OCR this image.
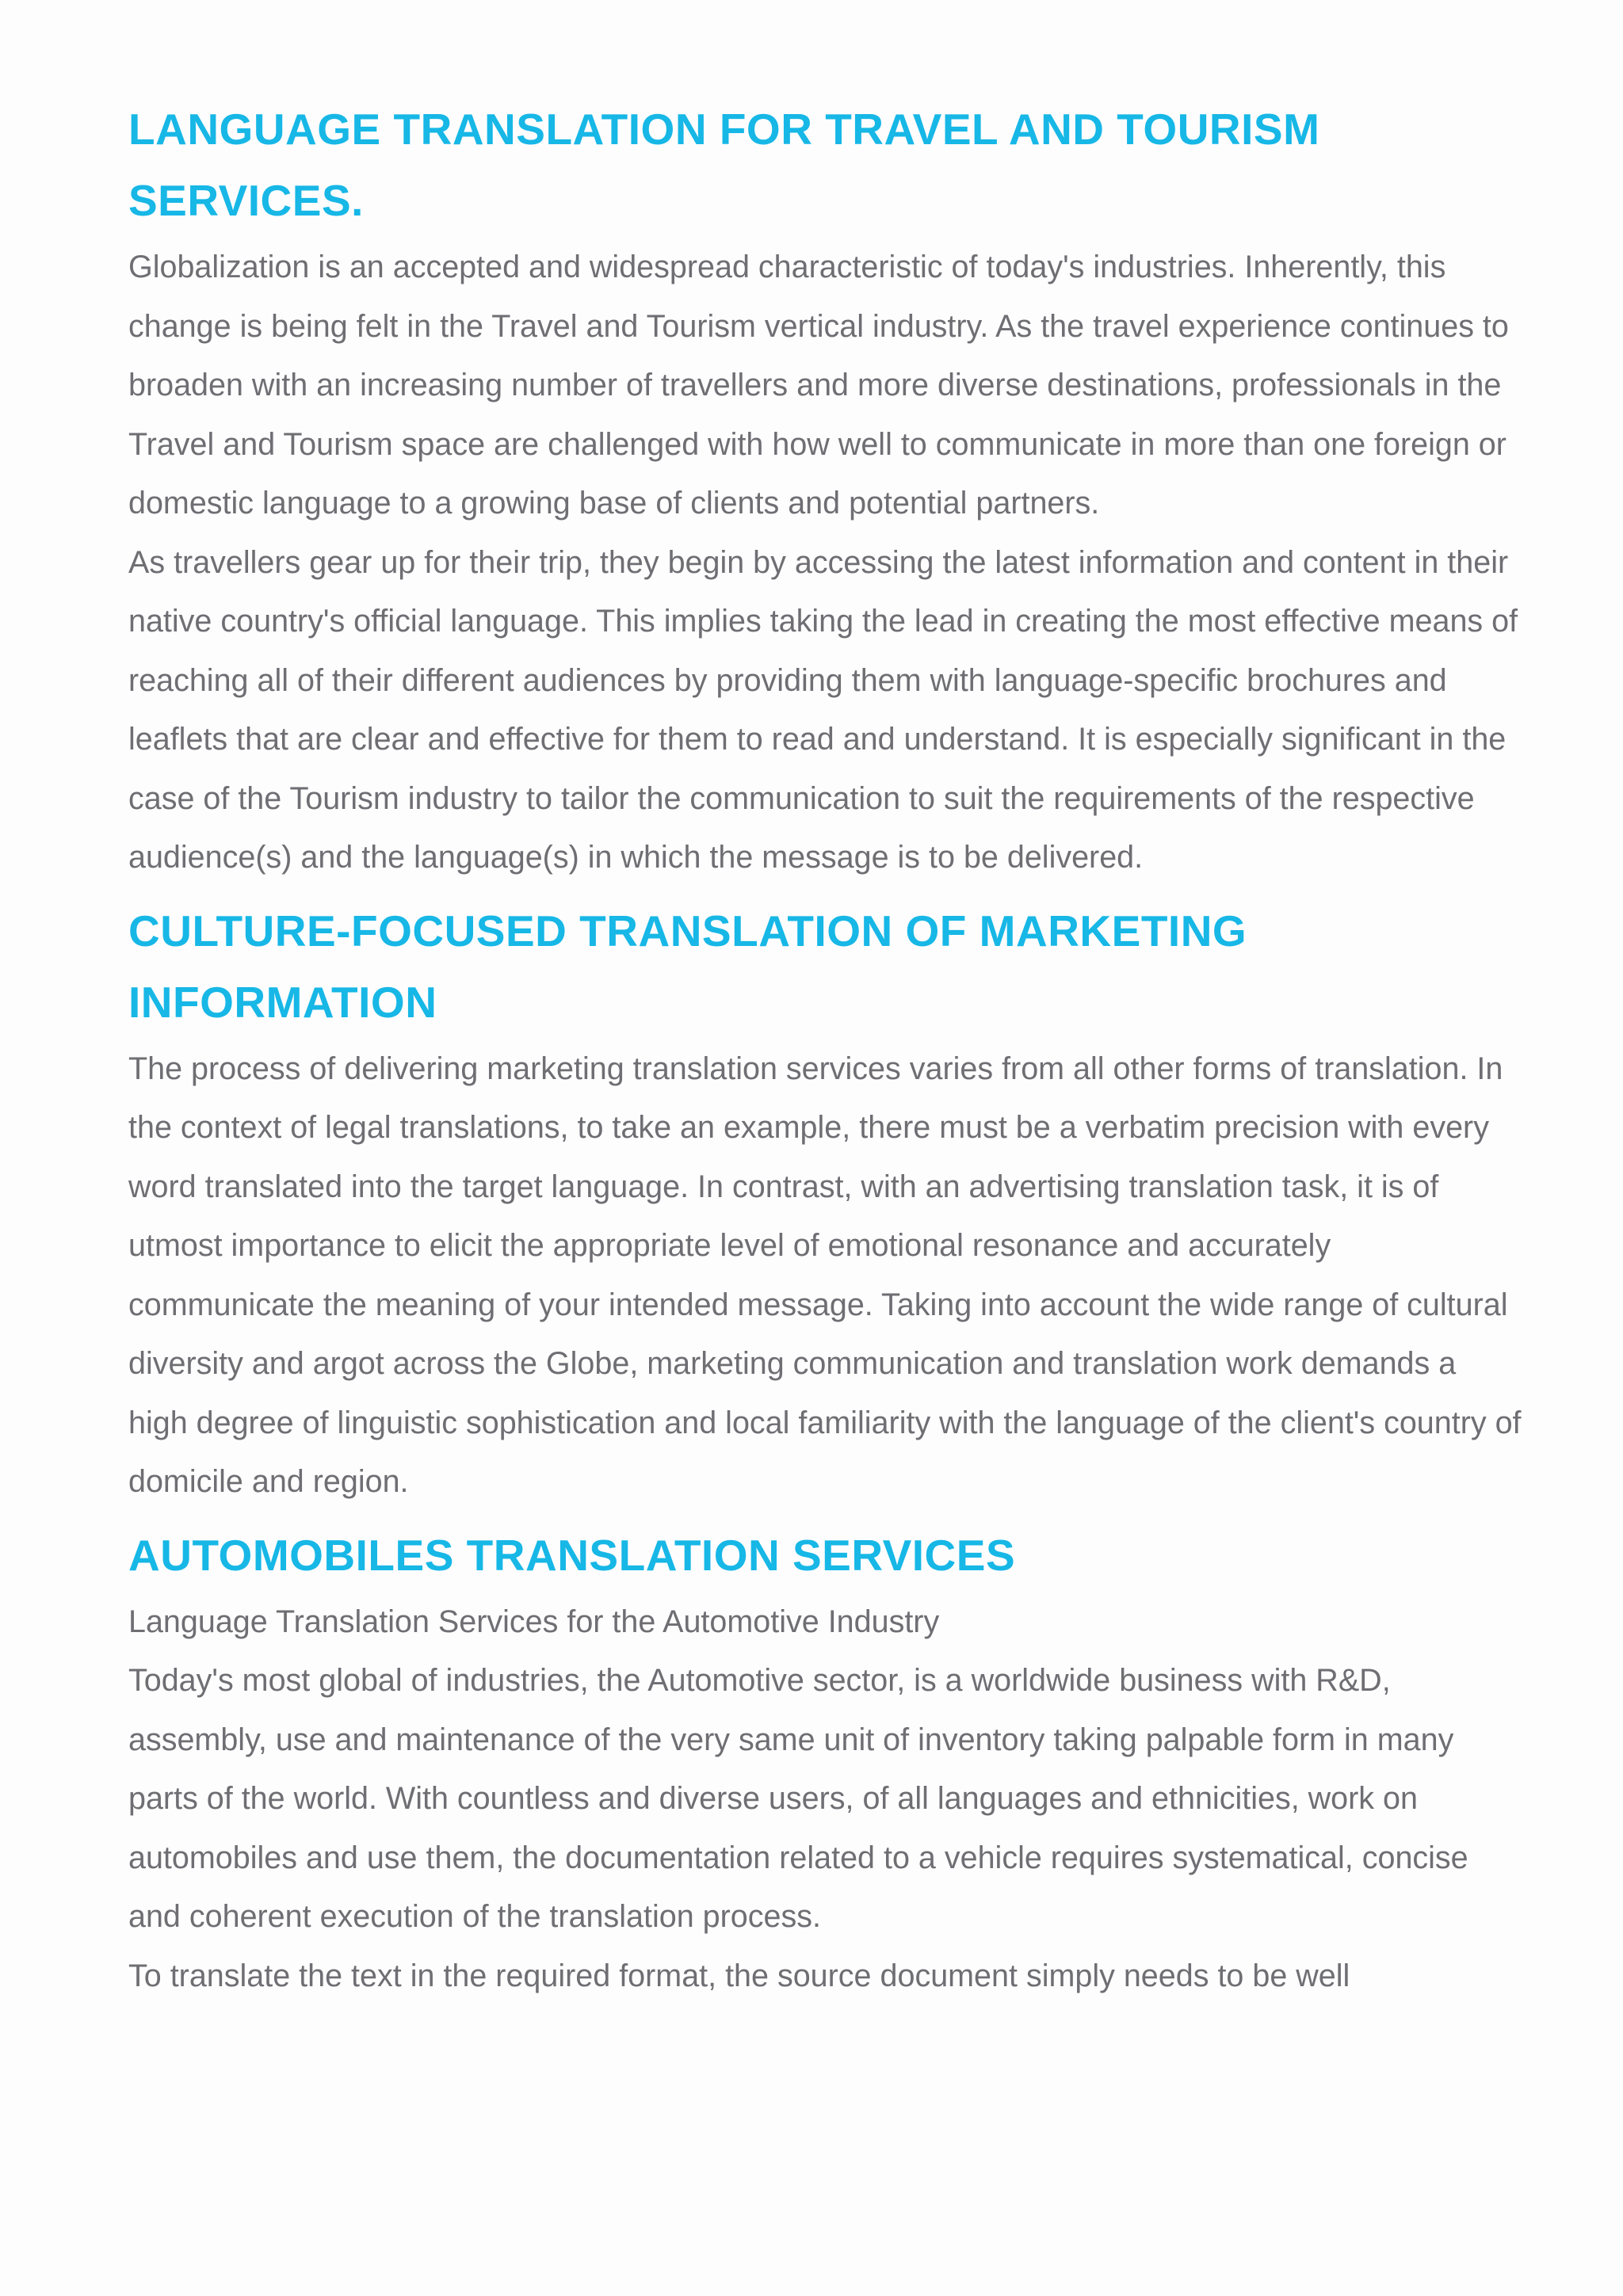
LANGUAGE TRANSLATION FOR TRAVEL AND TOURISM SERVICES.

Globalization is an accepted and widespread characteristic of today's industries. Inherently, this change is being felt in the Travel and Tourism vertical industry. As the travel experience continues to broaden with an increasing number of travellers and more diverse destinations, professionals in the Travel and Tourism space are challenged with how well to communicate in more than one foreign or domestic language to a growing base of clients and potential partners.

As travellers gear up for their trip, they begin by accessing the latest information and content in their native country's official language. This implies taking the lead in creating the most effective means of reaching all of their different audiences by providing them with language-specific brochures and leaflets that are clear and effective for them to read and understand. It is especially significant in the case of the Tourism industry to tailor the communication to suit the requirements of the respective audience(s) and the language(s) in which the message is to be delivered.

CULTURE-FOCUSED TRANSLATION OF MARKETING INFORMATION

The process of delivering marketing translation services varies from all other forms of translation. In the context of legal translations, to take an example, there must be a verbatim precision with every word translated into the target language. In contrast, with an advertising translation task, it is of utmost importance to elicit the appropriate level of emotional resonance and accurately communicate the meaning of your intended message. Taking into account the wide range of cultural diversity and argot across the Globe, marketing communication and translation work demands a high degree of linguistic sophistication and local familiarity with the language of the client's country of domicile and region.

AUTOMOBILES TRANSLATION SERVICES

Language Translation Services for the Automotive Industry

Today's most global of industries, the Automotive sector, is a worldwide business with R&D, assembly, use and maintenance of the very same unit of inventory taking palpable form in many parts of the world. With countless and diverse users, of all languages and ethnicities, work on automobiles and use them, the documentation related to a vehicle requires systematical, concise and coherent execution of the translation process.

To translate the text in the required format, the source document simply needs to be well
